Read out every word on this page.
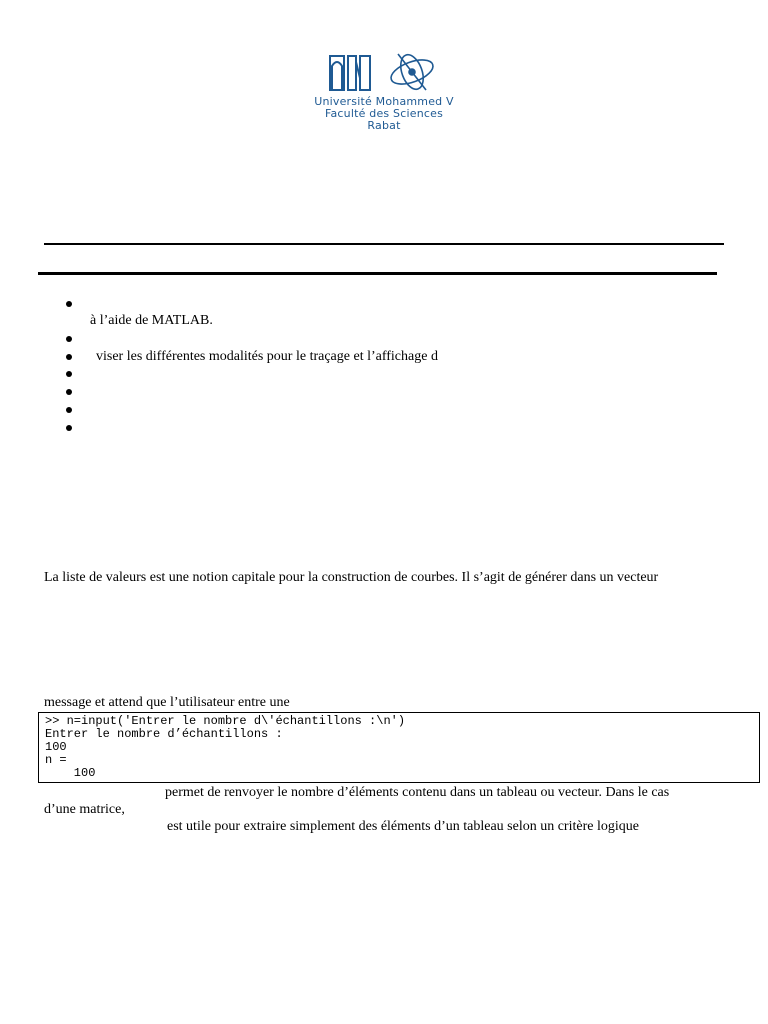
Université Mohammed V
Faculté des Sciences
Rabat
à l’aide de MATLAB.
viser les différentes modalités pour le traçage et l’affichage d
La liste de valeurs est une notion capitale pour la construction de courbes. Il s’agit de générer dans un vecteur
message et attend que l’utilisateur entre une
>> n=input('Entrer le nombre d\'échantillons :\n')
Entrer le nombre d’échantillons :
100
n =
100
permet de renvoyer le nombre d’éléments contenu dans un tableau ou vecteur. Dans le cas
d’une matrice,
est utile pour extraire simplement des éléments d’un tableau selon un critère logique
